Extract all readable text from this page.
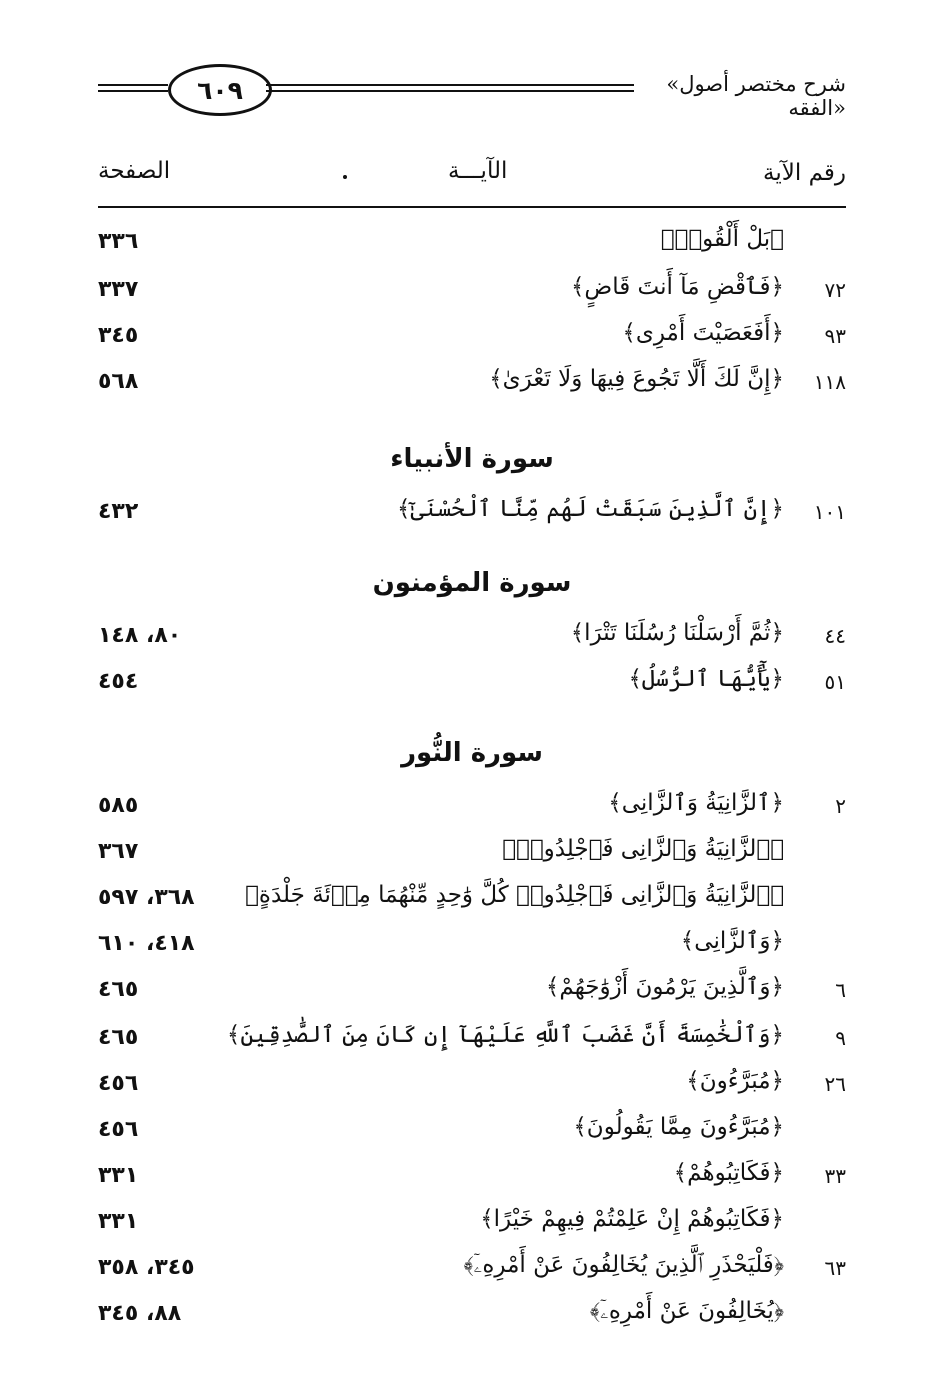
٦٠٩	«شرح مختصر أصول الفقه»
رقم الآية
الآيـــة
الصفحة
﴿بَلْ أَلْقُوا۟﴾
٣٣٦
٧٢
﴿فَٱقْضِ مَآ أَنتَ قَاضٍ﴾
٣٣٧
٩٣
﴿أَفَعَصَيْتَ أَمْرِى﴾
٣٤٥
١١٨
﴿إِنَّ لَكَ أَلَّا تَجُوعَ فِيهَا وَلَا تَعْرَىٰ﴾
٥٦٨
سورة الأنبياء
١٠١
﴿إِنَّ ٱلَّذِينَ سَبَقَتْ لَهُم مِّنَّا ٱلْحُسْنَىٰٓ﴾
٤٣٢
سورة المؤمنون
٤٤
﴿ثُمَّ أَرْسَلْنَا رُسُلَنَا تَتْرَا﴾
٨٠، ١٤٨
٥١
﴿يَٰٓأَيُّهَا ٱلرُّسُلُ﴾
٤٥٤
سورة النُّور
٢
﴿ٱلزَّانِيَةُ وَٱلزَّانِى﴾
٥٨٥
﴿ٱلزَّانِيَةُ وَٱلزَّانِى فَٱجْلِدُوا۟﴾
٣٦٧
﴿ٱلزَّانِيَةُ وَٱلزَّانِى فَٱجْلِدُوا۟ كُلَّ وَٰحِدٍ مِّنْهُمَا مِا۟ئَةَ جَلْدَةٍ﴾
٣٦٨، ٥٩٧
﴿وَٱلزَّانِى﴾
٤١٨، ٦١٠
٦
﴿وَٱلَّذِينَ يَرْمُونَ أَزْوَٰجَهُمْ﴾
٤٦٥
٩
﴿وَٱلْخَٰمِسَةَ أَنَّ غَضَبَ ٱللَّهِ عَلَيْهَآ إِن كَانَ مِنَ ٱلصَّٰدِقِينَ﴾
٤٦٥
٢٦
﴿مُبَرَّءُونَ﴾
٤٥٦
﴿مُبَرَّءُونَ مِمَّا يَقُولُونَ﴾
٤٥٦
٣٣
﴿فَكَاتِبُوهُمْ﴾
٣٣١
﴿فَكَاتِبُوهُمْ إِنْ عَلِمْتُمْ فِيهِمْ خَيْرًا﴾
٣٣١
٦٣
﴿فَلْيَحْذَرِ ٱلَّذِينَ يُخَالِفُونَ عَنْ أَمْرِهِۦٓ﴾
٣٤٥، ٣٥٨
﴿يُخَالِفُونَ عَنْ أَمْرِهِۦٓ﴾
٨٨، ٣٤٥
